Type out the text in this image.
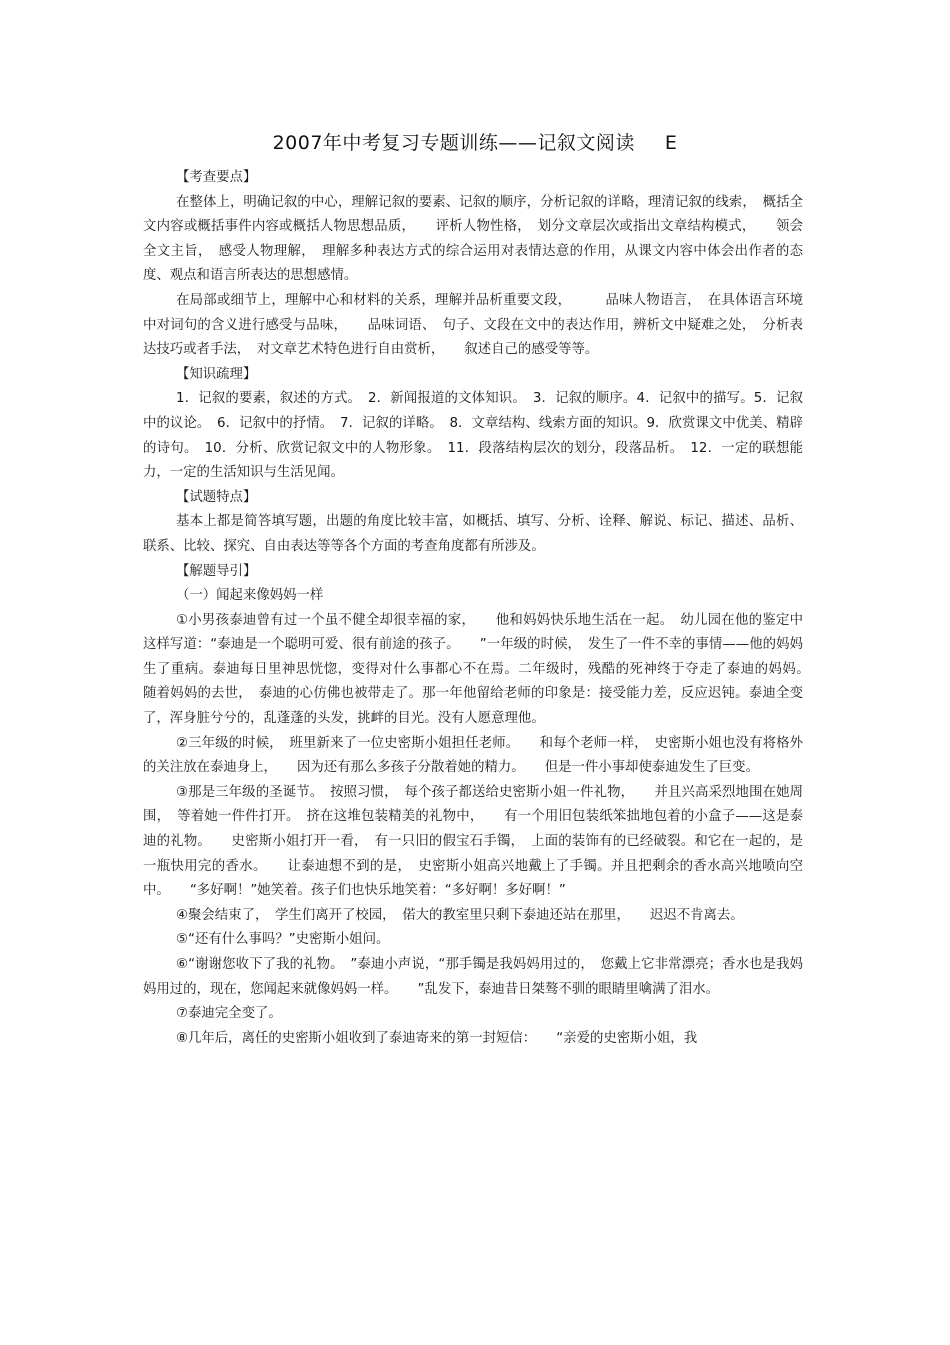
2007年中考复习专题训练——记叙文阅读 E

【考查要点】

在整体上，明确记叙的中心，理解记叙的要素、记叙的顺序，分析记叙的详略，理清记叙的线索，　概括全文内容或概括事件内容或概括人物思想品质，　　评析人物性格，　划分文章层次或指出文章结构模式，　　领会全文主旨，　感受人物理解，　理解多种表达方式的综合运用对表情达意的作用，从课文内容中体会出作者的态度、观点和语言所表达的思想感情。

在局部或细节上，理解中心和材料的关系，理解并品析重要文段，　　　品味人物语言，　在具体语言环境中对词句的含义进行感受与品味，　　品味词语、　句子、文段在文中的表达作用，辨析文中疑难之处，　分析表达技巧或者手法，　对文章艺术特色进行自由赏析，　　叙述自己的感受等等。

【知识疏理】

1．记叙的要素，叙述的方式。　2．新闻报道的文体知识。　3．记叙的顺序。4．记叙中的描写。5．记叙中的议论。　6．记叙中的抒情。　7．记叙的详略。　8．文章结构、线索方面的知识。9．欣赏课文中优美、精辟的诗句。　10．分析、欣赏记叙文中的人物形象。　11．段落结构层次的划分，段落品析。　12．一定的联想能力，一定的生活知识与生活见闻。

【试题特点】

基本上都是简答填写题，出题的角度比较丰富，如概括、填写、分析、诠释、解说、标记、描述、品析、联系、比较、探究、自由表达等等各个方面的考查角度都有所涉及。

【解题导引】

（一）闻起来像妈妈一样

①小男孩泰迪曾有过一个虽不健全却很幸福的家，　　他和妈妈快乐地生活在一起。　幼儿园在他的鉴定中这样写道：“泰迪是一个聪明可爱、很有前途的孩子。　　”一年级的时候，　发生了一件不幸的事情——他的妈妈生了重病。泰迪每日里神思恍惚，变得对什么事都心不在焉。二年级时，残酷的死神终于夺走了泰迪的妈妈。　　随着妈妈的去世，　泰迪的心仿佛也被带走了。那一年他留给老师的印象是：接受能力差，反应迟钝。泰迪全变了，浑身脏兮兮的，乱蓬蓬的头发，挑衅的目光。没有人愿意理他。

②三年级的时候，　班里新来了一位史密斯小姐担任老师。　　和每个老师一样，　史密斯小姐也没有将格外的关注放在泰迪身上，　　因为还有那么多孩子分散着她的精力。　　但是一件小事却使泰迪发生了巨变。

③那是三年级的圣诞节。　按照习惯，　每个孩子都送给史密斯小姐一件礼物，　　并且兴高采烈地围在她周围，　等着她一件件打开。　挤在这堆包装精美的礼物中，　　有一个用旧包装纸笨拙地包着的小盒子——这是泰迪的礼物。　　史密斯小姐打开一看，　有一只旧的假宝石手镯，　上面的装饰有的已经破裂。和它在一起的，是一瓶快用完的香水。　　让泰迪想不到的是，　史密斯小姐高兴地戴上了手镯。并且把剩余的香水高兴地喷向空中。　　“多好啊！”她笑着。孩子们也快乐地笑着：“多好啊！多好啊！”

④聚会结束了，　学生们离开了校园，　偌大的教室里只剩下泰迪还站在那里，　　迟迟不肯离去。

⑤“还有什么事吗？”史密斯小姐问。

⑥“谢谢您收下了我的礼物。　”泰迪小声说，“那手镯是我妈妈用过的，　您戴上它非常漂亮；香水也是我妈妈用过的，现在，您闻起来就像妈妈一样。　　”乱发下，泰迪昔日桀骜不驯的眼睛里噙满了泪水。

⑦泰迪完全变了。

⑧几年后，离任的史密斯小姐收到了泰迪寄来的第一封短信：　　“亲爱的史密斯小姐，我
